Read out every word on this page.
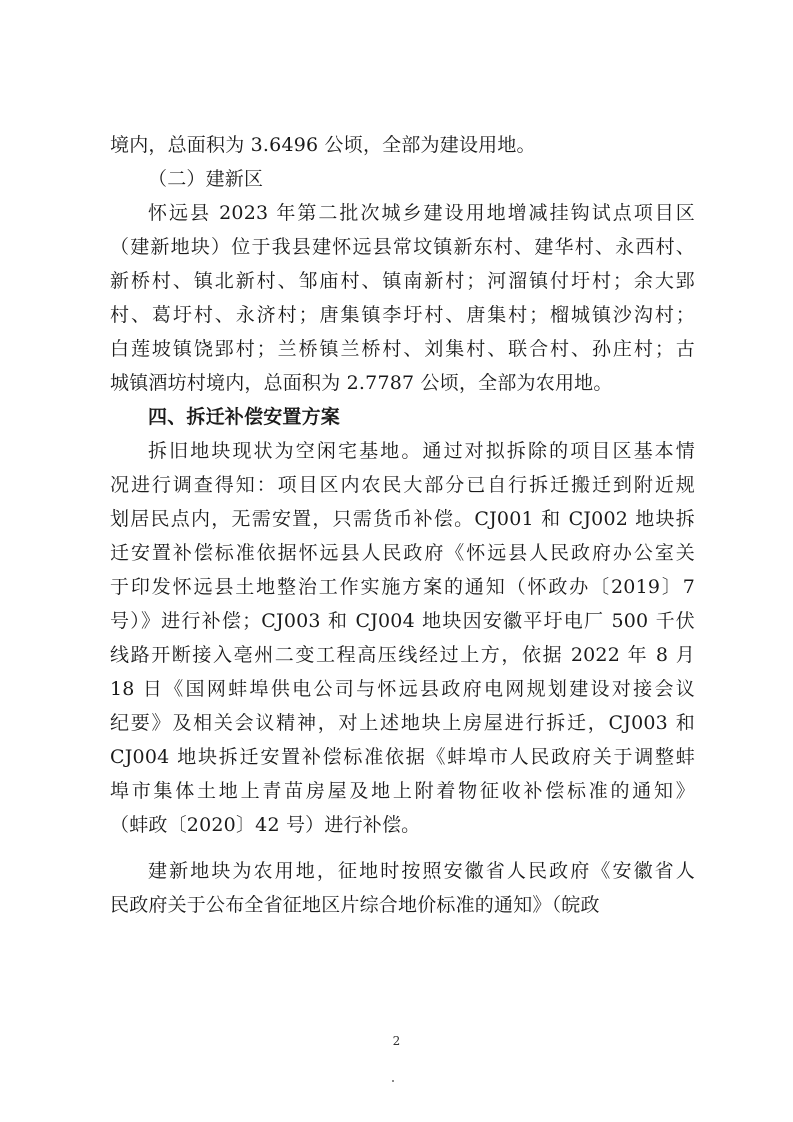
境内，总面积为 3.6496 公顷，全部为建设用地。
（二）建新区
怀远县 2023 年第二批次城乡建设用地增减挂钩试点项目区
（建新地块）位于我县建怀远县常坟镇新东村、建华村、永西村、
新桥村、镇北新村、邹庙村、镇南新村；河溜镇付圩村；余大郢
村、葛圩村、永济村；唐集镇李圩村、唐集村；榴城镇沙沟村；
白莲坡镇饶郢村；兰桥镇兰桥村、刘集村、联合村、孙庄村；古
城镇酒坊村境内，总面积为 2.7787 公顷，全部为农用地。
四、拆迁补偿安置方案
拆旧地块现状为空闲宅基地。通过对拟拆除的项目区基本情
况进行调查得知：项目区内农民大部分已自行拆迁搬迁到附近规
划居民点内，无需安置，只需货币补偿。CJ001 和 CJ002 地块拆
迁安置补偿标准依据怀远县人民政府《怀远县人民政府办公室关
于印发怀远县土地整治工作实施方案的通知（怀政办〔2019〕7
号）》进行补偿；CJ003 和 CJ004 地块因安徽平圩电厂 500 千伏
线路开断接入亳州二变工程高压线经过上方，依据 2022 年 8 月
18 日《国网蚌埠供电公司与怀远县政府电网规划建设对接会议
纪要》及相关会议精神，对上述地块上房屋进行拆迁，CJ003 和
CJ004 地块拆迁安置补偿标准依据《蚌埠市人民政府关于调整蚌
埠市集体土地上青苗房屋及地上附着物征收补偿标准的通知》
（蚌政〔2020〕42 号）进行补偿。
建新地块为农用地，征地时按照安徽省人民政府《安徽省人
民政府关于公布全省征地区片综合地价标准的通知》（皖政
2
